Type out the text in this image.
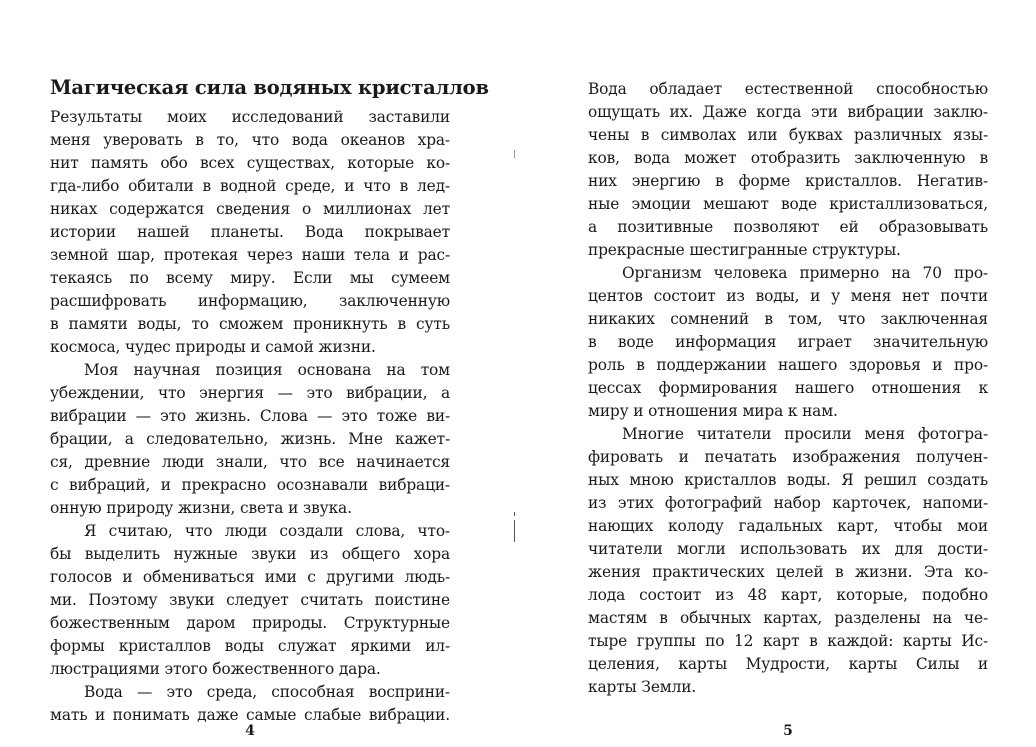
Магическая сила водяных кристаллов
Результаты моих исследований заставили
меня уверовать в то, что вода океанов хра-
нит память обо всех существах, которые ко-
гда-либо обитали в водной среде, и что в лед-
никах содержатся сведения о миллионах лет
истории нашей планеты. Вода покрывает
земной шар, протекая через наши тела и рас-
текаясь по всему миру. Если мы сумеем
расшифровать информацию, заключенную
в памяти воды, то сможем проникнуть в суть
космоса, чудес природы и самой жизни.
Моя научная позиция основана на том
убеждении, что энергия — это вибрации, а
вибрации — это жизнь. Слова — это тоже ви-
брации, а следовательно, жизнь. Мне кажет-
ся, древние люди знали, что все начинается
с вибраций, и прекрасно осознавали вибраци-
онную природу жизни, света и звука.
Я считаю, что люди создали слова, что-
бы выделить нужные звуки из общего хора
голосов и обмениваться ими с другими людь-
ми. Поэтому звуки следует считать поистине
божественным даром природы. Структурные
формы кристаллов воды служат яркими ил-
люстрациями этого божественного дара.
Вода — это среда, способная восприни-
мать и понимать даже самые слабые вибрации.
4
Вода обладает естественной способностью
ощущать их. Даже когда эти вибрации заклю-
чены в символах или буквах различных язы-
ков, вода может отобразить заключенную в
них энергию в форме кристаллов. Негатив-
ные эмоции мешают воде кристаллизоваться,
а позитивные позволяют ей образовывать
прекрасные шестигранные структуры.
Организм человека примерно на 70 про-
центов состоит из воды, и у меня нет почти
никаких сомнений в том, что заключенная
в воде информация играет значительную
роль в поддержании нашего здоровья и про-
цессах формирования нашего отношения к
миру и отношения мира к нам.
Многие читатели просили меня фотогра-
фировать и печатать изображения получен-
ных мною кристаллов воды. Я решил создать
из этих фотографий набор карточек, напоми-
нающих колоду гадальных карт, чтобы мои
читатели могли использовать их для дости-
жения практических целей в жизни. Эта ко-
лода состоит из 48 карт, которые, подобно
мастям в обычных картах, разделены на че-
тыре группы по 12 карт в каждой: карты Ис-
целения, карты Мудрости, карты Силы и
карты Земли.
5
